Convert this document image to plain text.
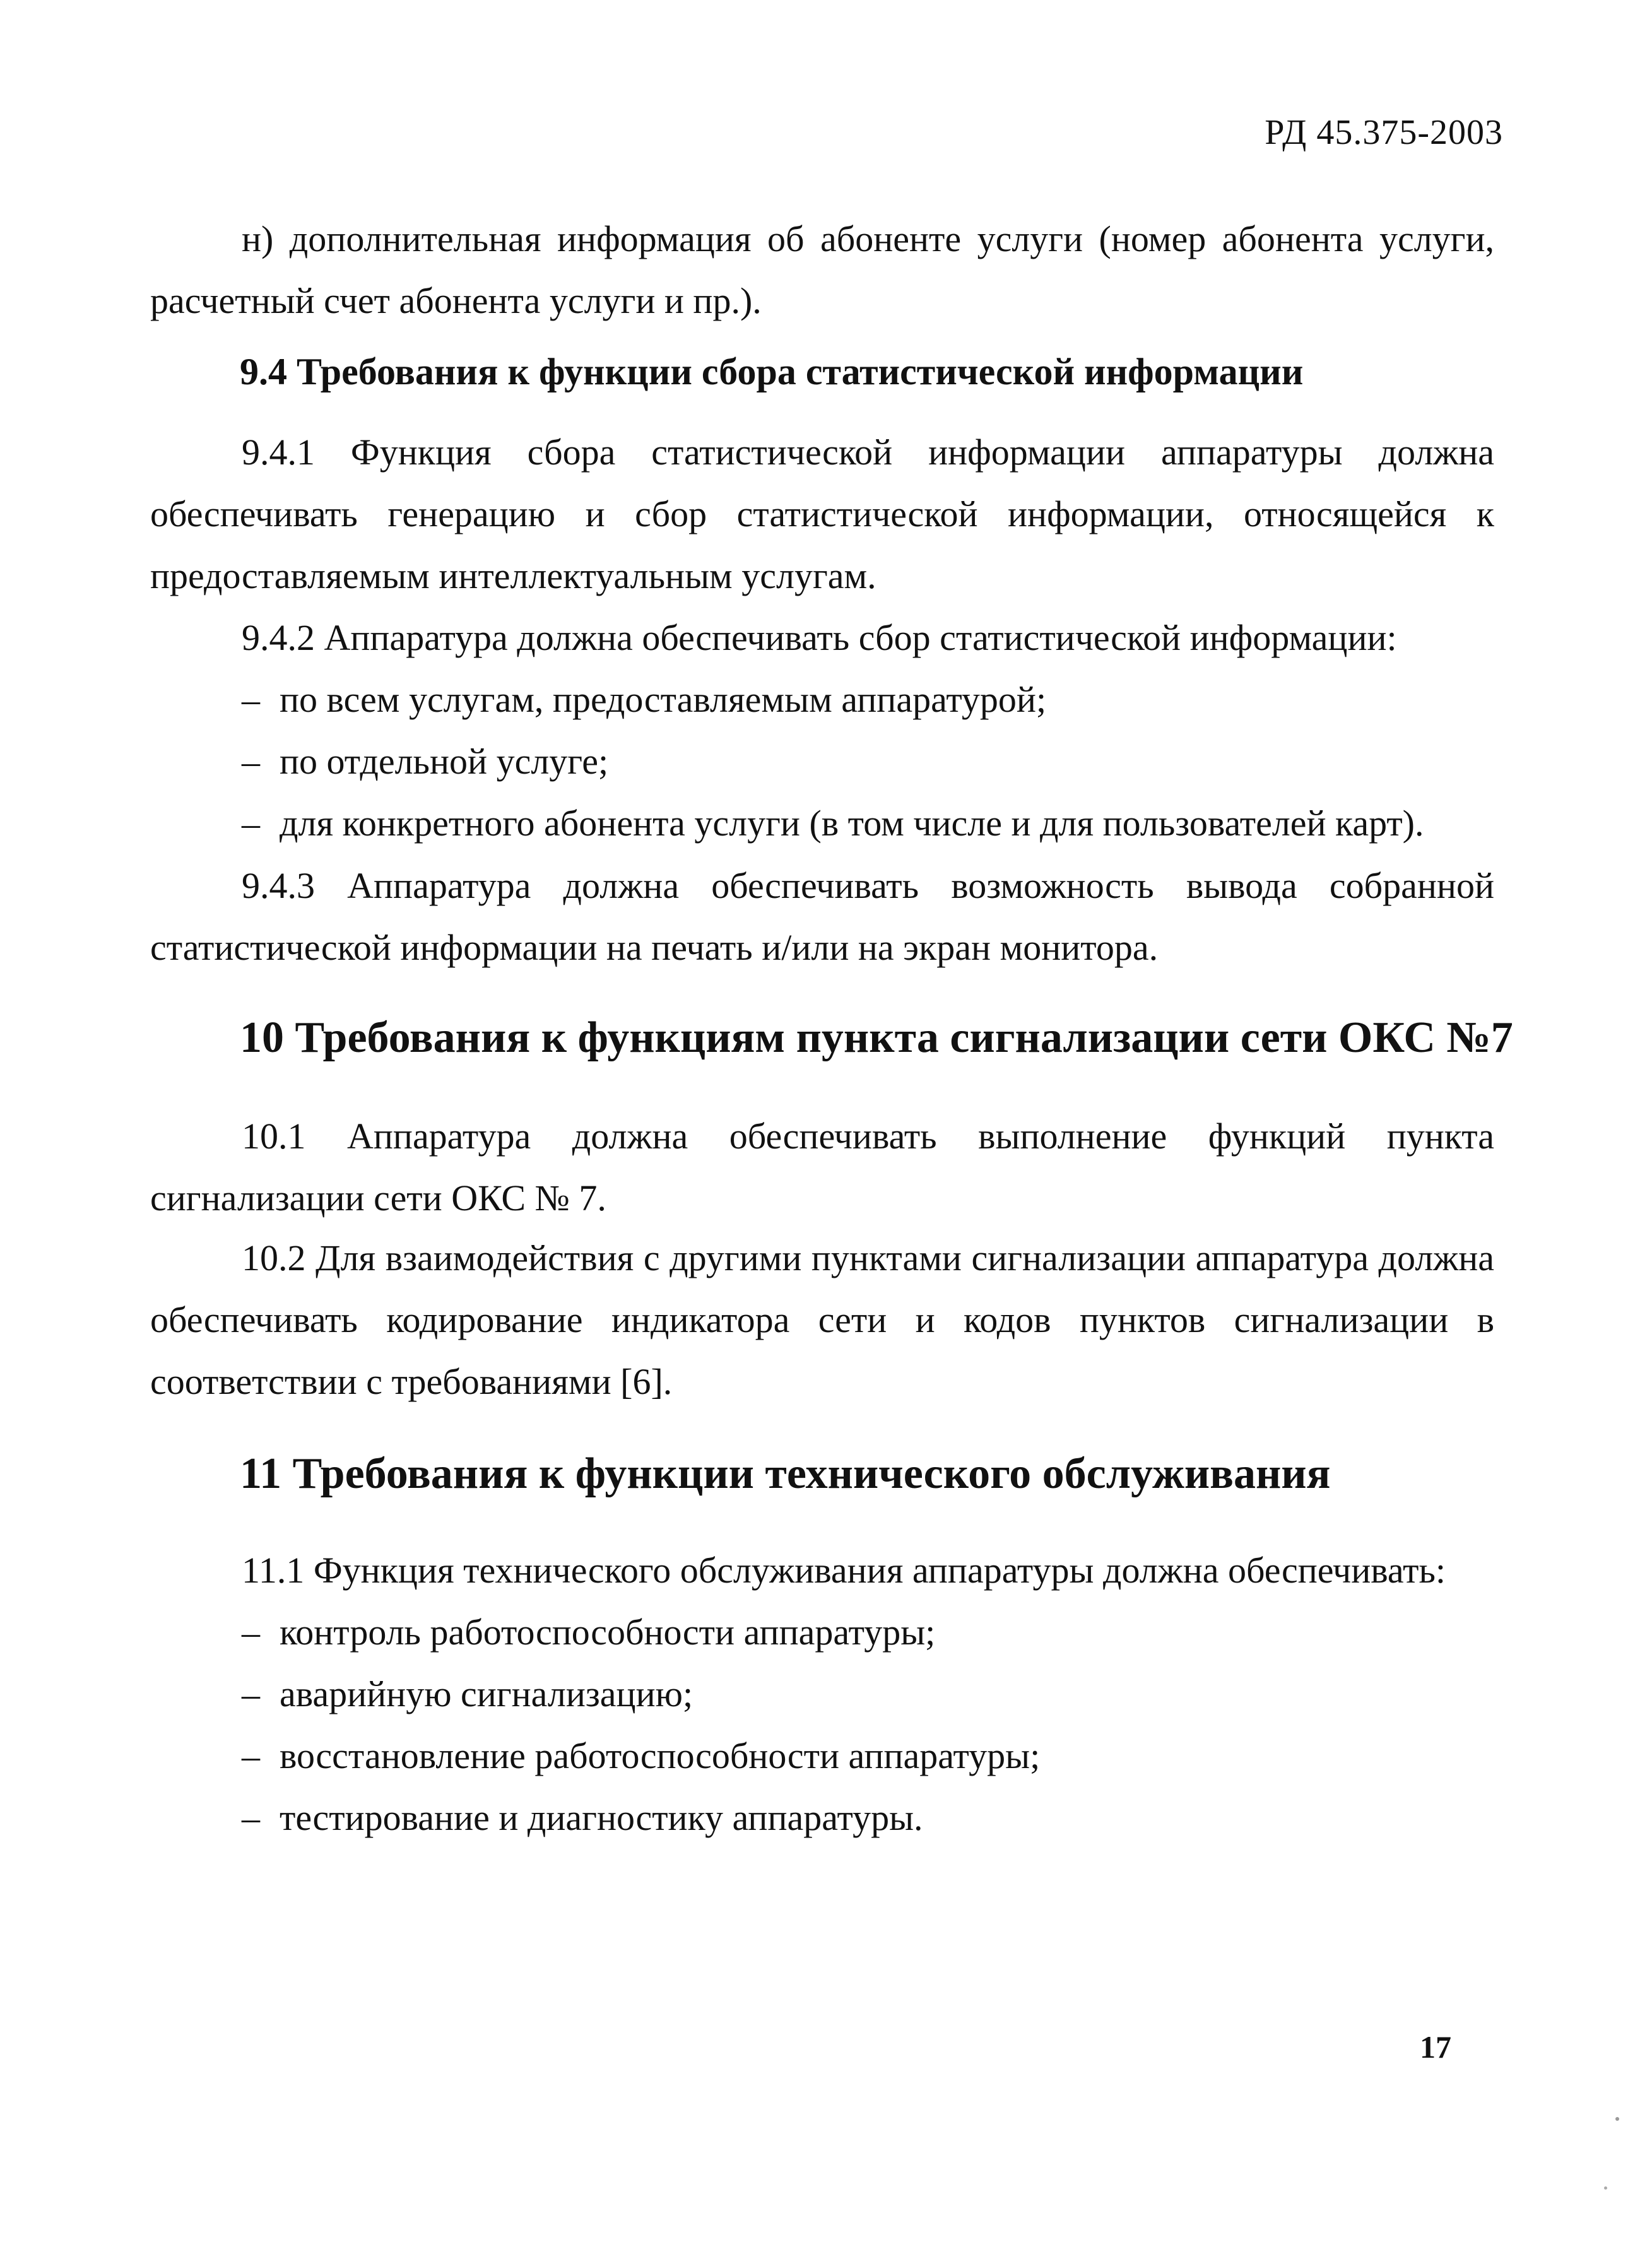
РД 45.375-2003

н) дополнительная информация об абоненте услуги (номер абонента услуги, расчетный счет абонента услуги и пр.).

9.4 Требования к функции сбора статистической информации

9.4.1 Функция сбора статистической информации аппаратуры должна обеспечивать генерацию и сбор статистической информации, относящейся к предоставляемым интеллектуальным услугам.

9.4.2 Аппаратура должна обеспечивать сбор статистической информации:

– по всем услугам, предоставляемым аппаратурой;

– по отдельной услуге;

– для конкретного абонента услуги (в том числе и для пользователей карт).

9.4.3 Аппаратура должна обеспечивать возможность вывода собранной статистической информации на печать и/или на экран монитора.

10 Требования к функциям пункта сигнализации сети ОКС №7

10.1 Аппаратура должна обеспечивать выполнение функций пункта сигнализации сети ОКС № 7.

10.2 Для взаимодействия с другими пунктами сигнализации аппаратура должна обеспечивать кодирование индикатора сети и кодов пунктов сигнализации в соответствии с требованиями [6].

11 Требования к функции технического обслуживания

11.1 Функция технического обслуживания аппаратуры должна обеспечивать:

– контроль работоспособности аппаратуры;

– аварийную сигнализацию;

– восстановление работоспособности аппаратуры;

– тестирование и диагностику аппаратуры.

17
